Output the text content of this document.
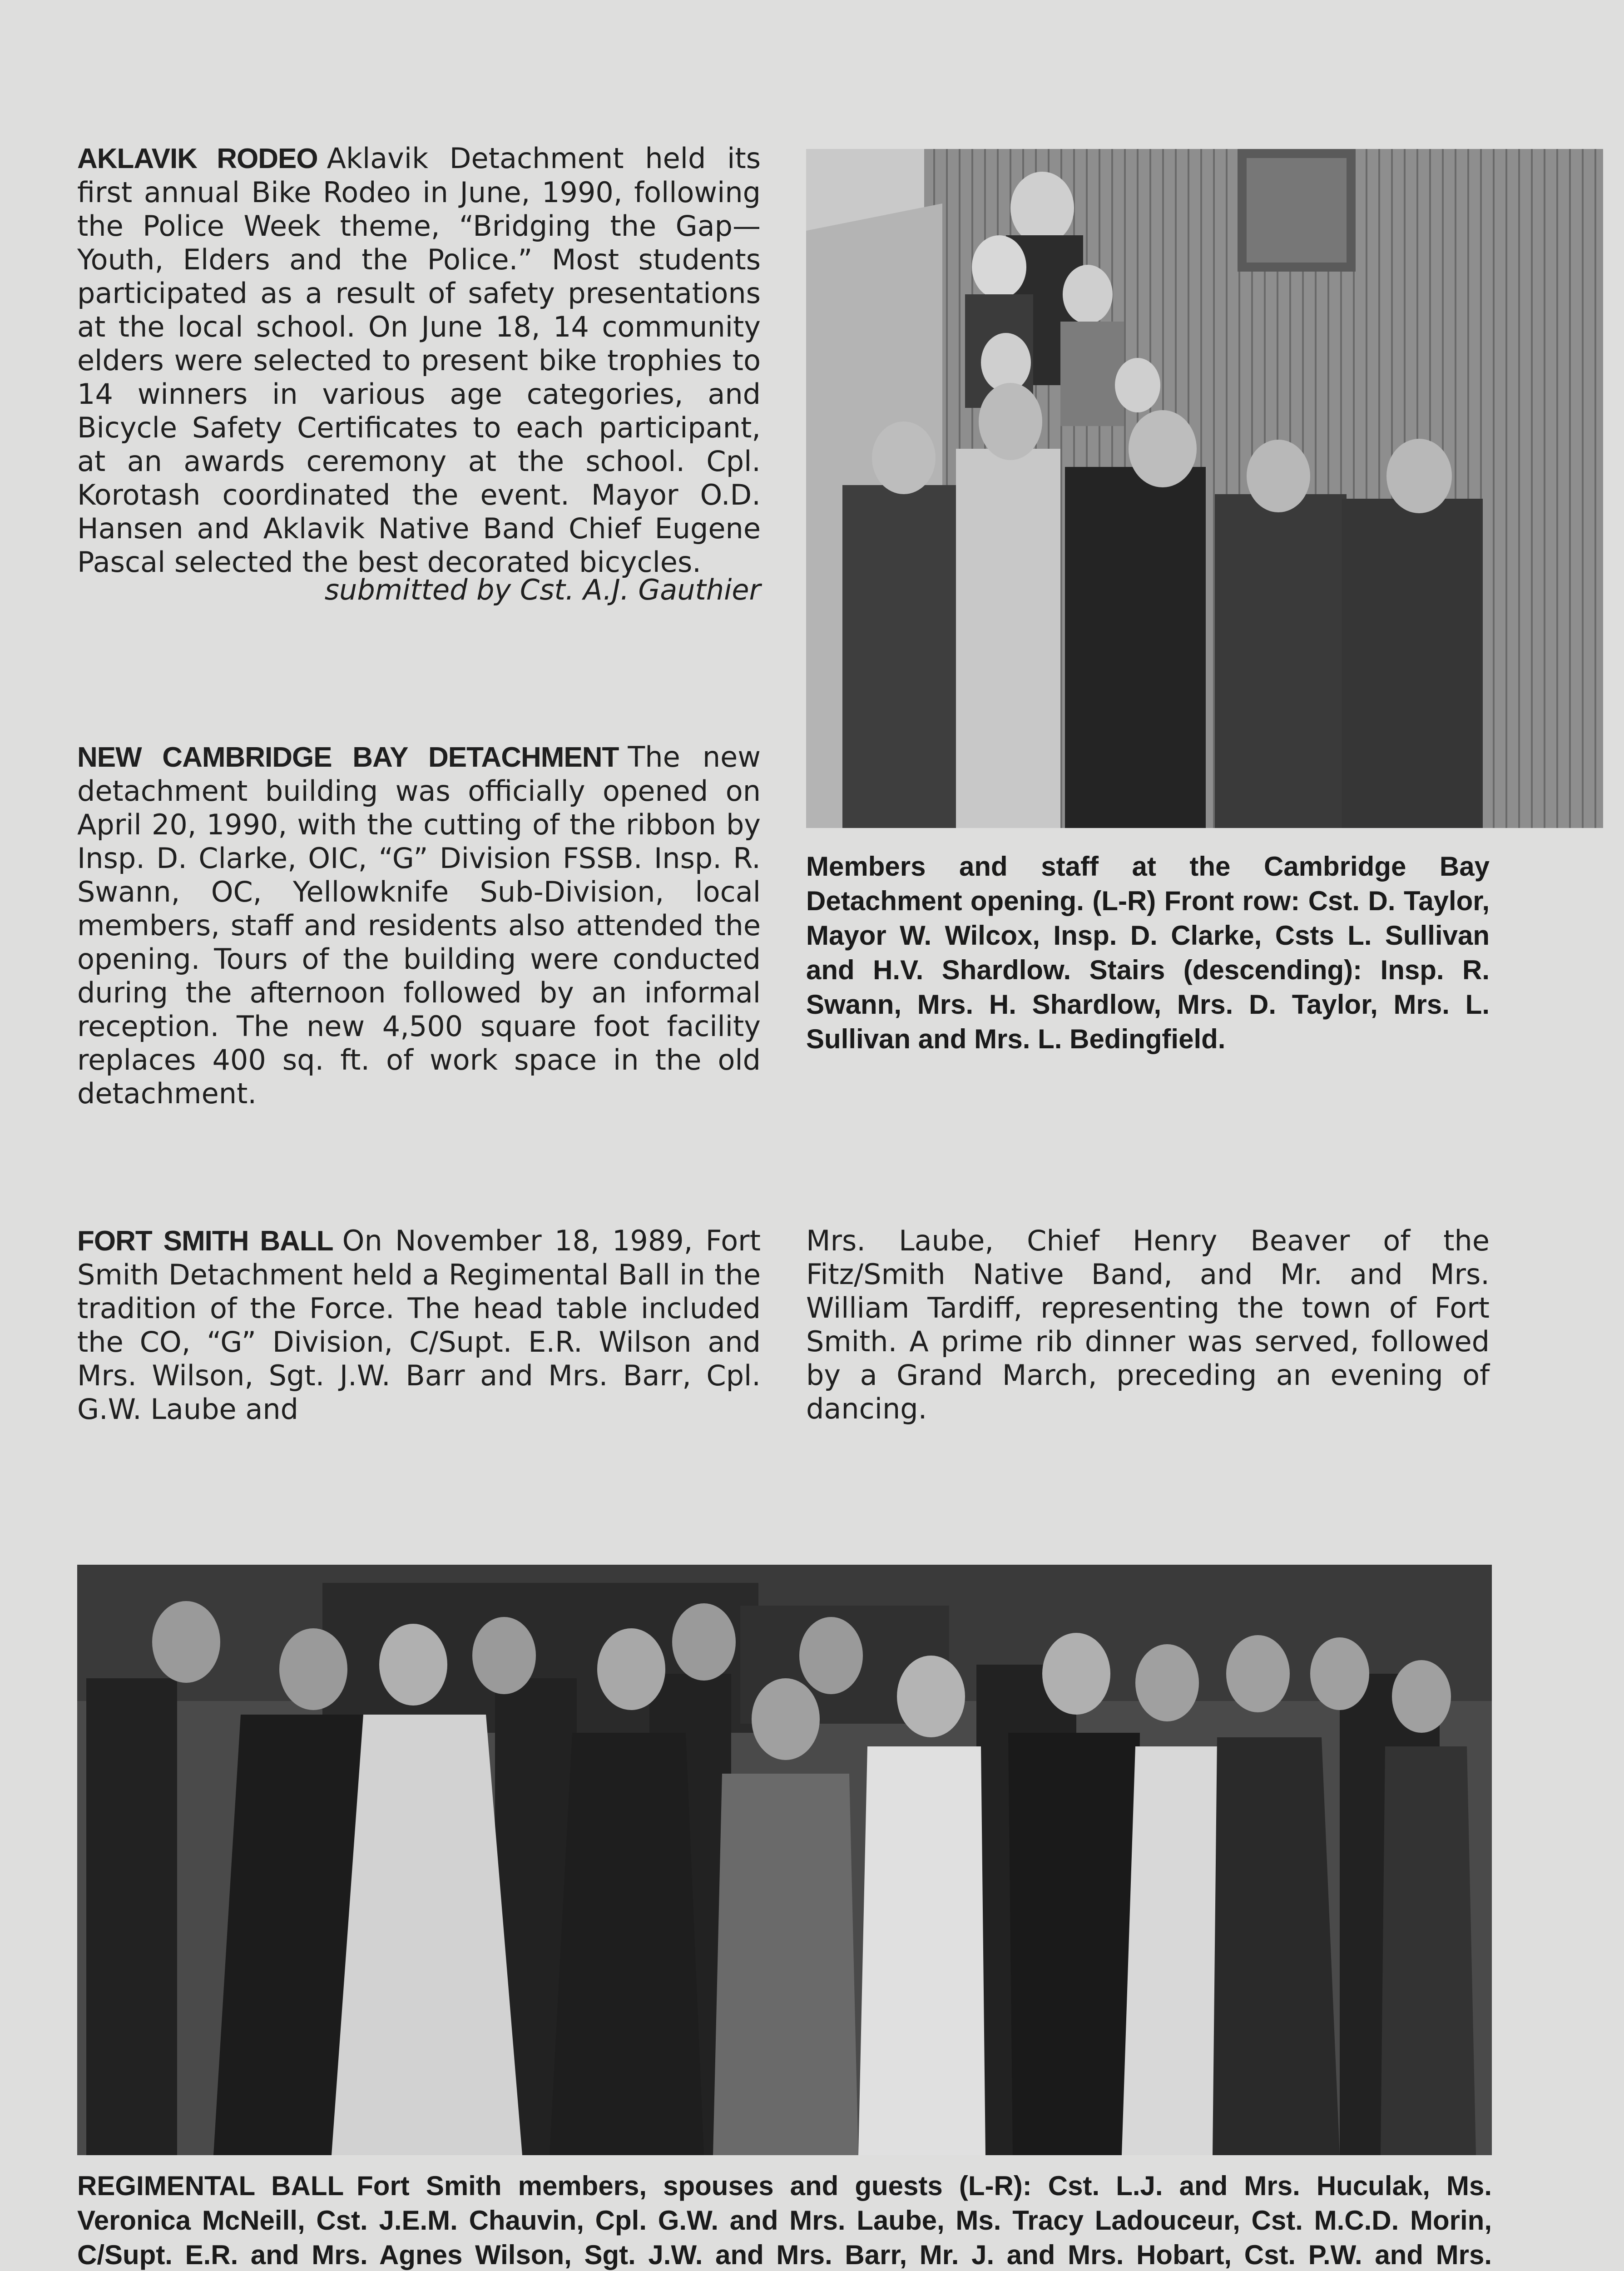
AKLAVIK RODEO Aklavik Detachment held its first annual Bike Rodeo in June, 1990, following the Police Week theme, “Bridging the Gap—Youth, Elders and the Police.” Most students participated as a result of safety presentations at the local school. On June 18, 14 community elders were selected to present bike trophies to 14 winners in various age categories, and Bicycle Safety Certificates to each participant, at an awards ceremony at the school. Cpl. Korotash coordinated the event. Mayor O.D. Hansen and Aklavik Native Band Chief Eugene Pascal selected the best decorated bicycles.
submitted by Cst. A.J. Gauthier
Members and staff at the Cambridge Bay Detachment opening. (L-R) Front row: Cst. D. Taylor, Mayor W. Wilcox, Insp. D. Clarke, Csts L. Sullivan and H.V. Shardlow. Stairs (descending): Insp. R. Swann, Mrs. H. Shardlow, Mrs. D. Taylor, Mrs. L. Sullivan and Mrs. L. Bedingfield.
NEW CAMBRIDGE BAY DETACHMENT The new detachment building was officially opened on April 20, 1990, with the cutting of the ribbon by Insp. D. Clarke, OIC, “G” Division FSSB. Insp. R. Swann, OC, Yellowknife Sub-Division, local members, staff and residents also attended the opening. Tours of the building were conducted during the afternoon followed by an informal reception. The new 4,500 square foot facility replaces 400 sq. ft. of work space in the old detachment.
FORT SMITH BALL On November 18, 1989, Fort Smith Detachment held a Regimental Ball in the tradition of the Force. The head table included the CO, “G” Division, C/Supt. E.R. Wilson and Mrs. Wilson, Sgt. J.W. Barr and Mrs. Barr, Cpl. G.W. Laube and
Mrs. Laube, Chief Henry Beaver of the Fitz/Smith Native Band, and Mr. and Mrs. William Tardiff, representing the town of Fort Smith. A prime rib dinner was served, followed by a Grand March, preceding an evening of dancing.
REGIMENTAL BALL Fort Smith members, spouses and guests (L-R): Cst. L.J. and Mrs. Huculak, Ms. Veronica McNeill, Cst. J.E.M. Chauvin, Cpl. G.W. and Mrs. Laube, Ms. Tracy Ladouceur, Cst. M.C.D. Morin, C/Supt. E.R. and Mrs. Agnes Wilson, Sgt. J.W. and Mrs. Barr, Mr. J. and Mrs. Hobart, Cst. P.W. and Mrs.
